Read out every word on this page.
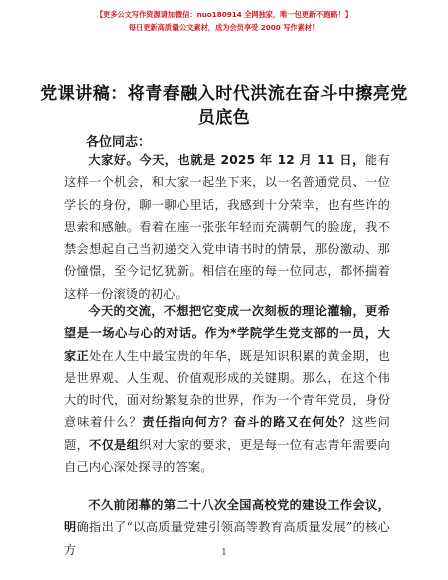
【更多公文写作资源请加微信：nuo180914 全网独家，唯一包更新不跑路！】
每日更新高质量公文素材，成为会员享受 2000 写作素材！
党课讲稿：将青春融入时代洪流在奋斗中擦亮党员底色
各位同志：

大家好。今天，也就是 2025 年 12 月 11 日，能有这样一个机会，和大家一起坐下来，以一名普通党员、一位学长的身份，聊一聊心里话，我感到十分荣幸，也有些许的思索和感触。看着在座一张张年轻而充满朝气的脸庞，我不禁会想起自己当初递交入党申请书时的情景，那份激动、那份憧憬，至今记忆犹新。相信在座的每一位同志，都怀揣着这样一份滚烫的初心。

今天的交流，不想把它变成一次刻板的理论灌输，更希望是一场心与心的对话。作为*学院学生党支部的一员，大家正处在人生中最宝贵的年华，既是知识积累的黄金期，也是世界观、人生观、价值观形成的关键期。那么，在这个伟大的时代，面对纷繁复杂的世界，作为一个青年党员，身份意味着什么？责任指向何方？奋斗的路又在何处？这些问题，不仅是组织对大家的要求，更是每一位有志青年需要向自己内心深处探寻的答案。

不久前闭幕的第二十八次全国高校党的建设工作会议，明确指出了“以高质量党建引领高等教育高质量发展”的核心方	1
